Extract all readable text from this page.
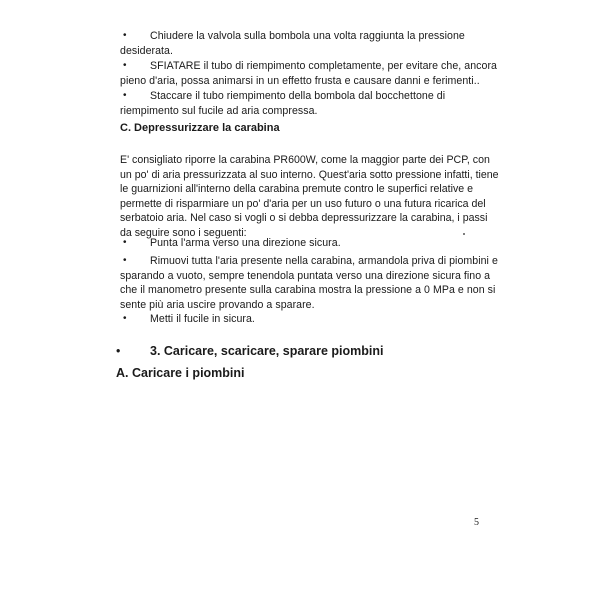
•	Chiudere la valvola sulla bombola una volta raggiunta la pressione desiderata.
•	SFIATARE il tubo di riempimento completamente, per evitare che, ancora pieno d'aria, possa animarsi in un effetto frusta e causare danni e ferimenti..
•	Staccare il tubo riempimento della bombola dal bocchettone di riempimento sul fucile ad aria compressa.
C. Depressurizzare la carabina
E' consigliato riporre la carabina PR600W, come la maggior parte dei PCP, con un po' di aria pressurizzata al suo interno. Quest'aria sotto pressione infatti, tiene le guarnizioni all'interno della carabina premute contro le superfici relative e permette di risparmiare un po' d'aria per un uso futuro o una futura ricarica del serbatoio aria. Nel caso si vogli o si debba depressurizzare la carabina, i passi da seguire sono i seguenti:
•	Punta l'arma verso una direzione sicura.
•	Rimuovi tutta l'aria presente nella carabina, armandola priva di piombini e sparando a vuoto, sempre tenendola puntata verso una direzione sicura fino a che il manometro presente sulla carabina mostra la pressione a 0 MPa e non si sente più aria uscire provando a sparare.
•	Metti il fucile in sicura.
• 3. Caricare, scaricare, sparare piombini
A. Caricare i piombini
5
